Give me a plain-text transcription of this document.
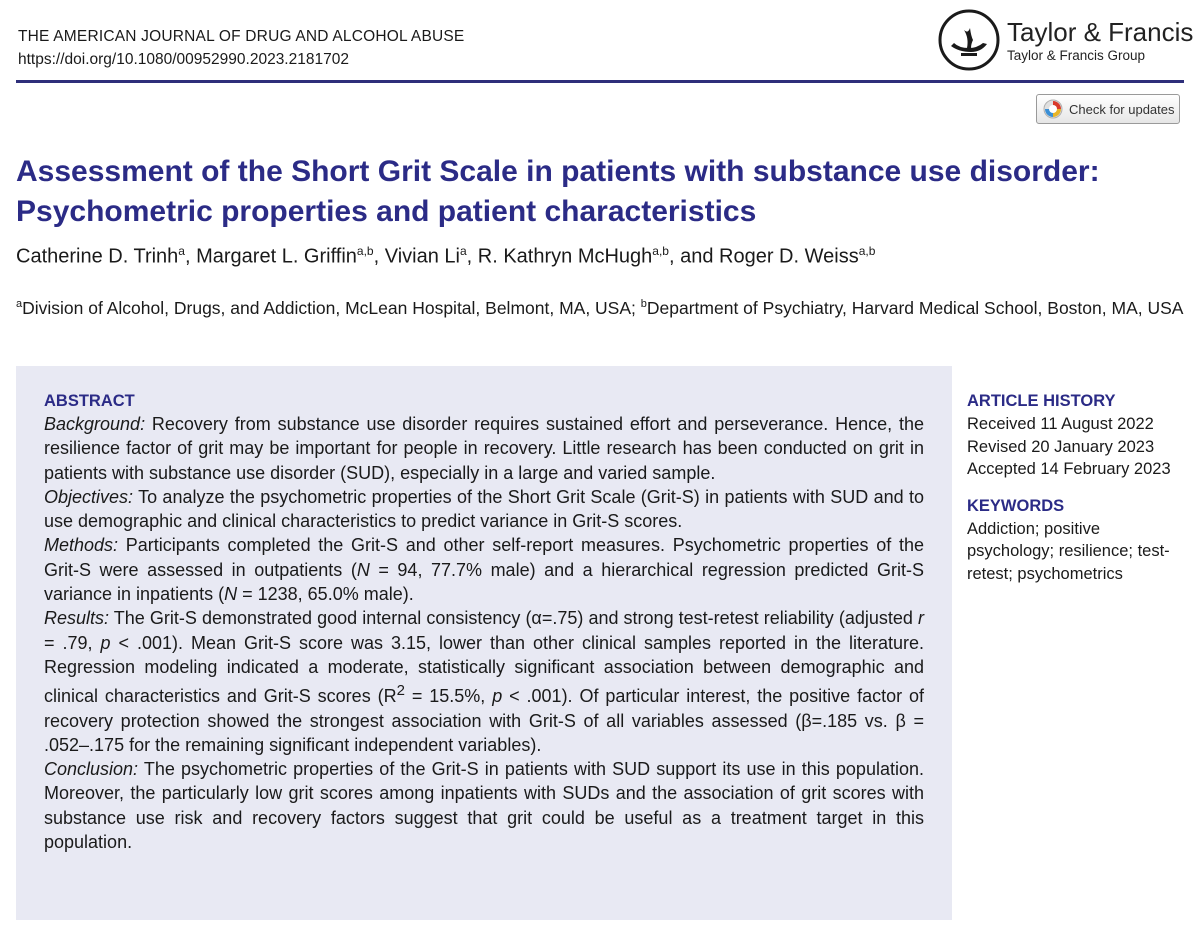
THE AMERICAN JOURNAL OF DRUG AND ALCOHOL ABUSE
https://doi.org/10.1080/00952990.2023.2181702
Taylor & Francis
Taylor & Francis Group
Check for updates
Assessment of the Short Grit Scale in patients with substance use disorder:
Psychometric properties and patient characteristics
Catherine D. Trinh$^a$, Margaret L. Griffin$^{a,b}$, Vivian Li$^a$, R. Kathryn McHugh$^{a,b}$, and Roger D. Weiss$^{a,b}$
$^a$Division of Alcohol, Drugs, and Addiction, McLean Hospital, Belmont, MA, USA; $^b$Department of Psychiatry, Harvard Medical School, Boston, MA, USA
ABSTRACT

Background: Recovery from substance use disorder requires sustained effort and perseverance. Hence, the resilience factor of grit may be important for people in recovery. Little research has been conducted on grit in patients with substance use disorder (SUD), especially in a large and varied sample.

Objectives: To analyze the psychometric properties of the Short Grit Scale (Grit-S) in patients with SUD and to use demographic and clinical characteristics to predict variance in Grit-S scores.

Methods: Participants completed the Grit-S and other self-report measures. Psychometric properties of the Grit-S were assessed in outpatients (N = 94, 77.7% male) and a hierarchical regression predicted Grit-S variance in inpatients (N = 1238, 65.0% male).

Results: The Grit-S demonstrated good internal consistency (α=.75) and strong test-retest reliability (adjusted r = .79, p < .001). Mean Grit-S score was 3.15, lower than other clinical samples reported in the literature. Regression modeling indicated a moderate, statistically significant association between demographic and clinical characteristics and Grit-S scores ($R^2 = 15.5\%$, p < .001). Of particular interest, the positive factor of recovery protection showed the strongest association with Grit-S of all variables assessed (β=.185 vs. β = .052–.175 for the remaining significant independent variables).

Conclusion: The psychometric properties of the Grit-S in patients with SUD support its use in this population. Moreover, the particularly low grit scores among inpatients with SUDs and the association of grit scores with substance use risk and recovery factors suggest that grit could be useful as a treatment target in this population.

ARTICLE HISTORY
Received 11 August 2022
Revised 20 January 2023
Accepted 14 February 2023
KEYWORDS
Addiction; positive psychology; resilience; test-retest; psychometrics
